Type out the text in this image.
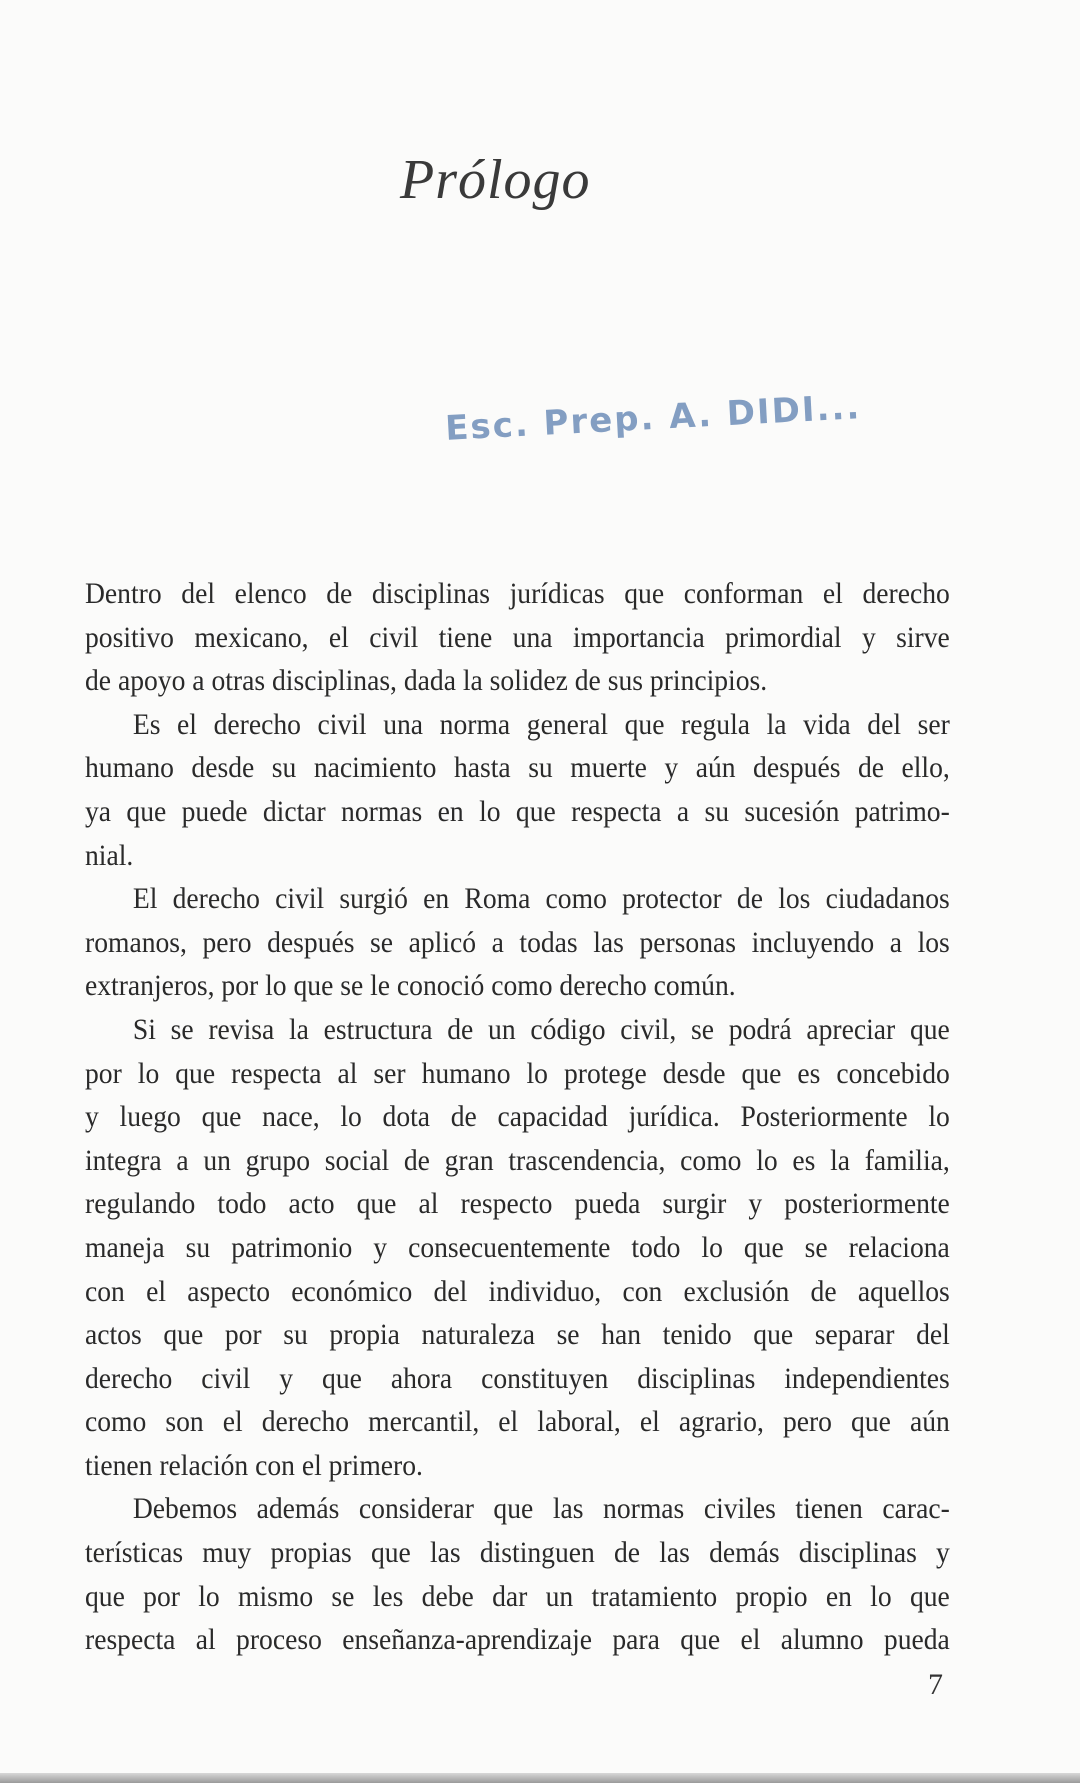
Prólogo
Esc. Prep. A. DIDI...
Dentro del elenco de disciplinas jurídicas que conforman el derecho
positivo mexicano, el civil tiene una importancia primordial y sirve
de apoyo a otras disciplinas, dada la solidez de sus principios.
Es el derecho civil una norma general que regula la vida del ser
humano desde su nacimiento hasta su muerte y aún después de ello,
ya que puede dictar normas en lo que respecta a su sucesión patrimo-
nial.
El derecho civil surgió en Roma como protector de los ciudadanos
romanos, pero después se aplicó a todas las personas incluyendo a los
extranjeros, por lo que se le conoció como derecho común.
Si se revisa la estructura de un código civil, se podrá apreciar que
por lo que respecta al ser humano lo protege desde que es concebido
y luego que nace, lo dota de capacidad jurídica. Posteriormente lo
integra a un grupo social de gran trascendencia, como lo es la familia,
regulando todo acto que al respecto pueda surgir y posteriormente
maneja su patrimonio y consecuentemente todo lo que se relaciona
con el aspecto económico del individuo, con exclusión de aquellos
actos que por su propia naturaleza se han tenido que separar del
derecho civil y que ahora constituyen disciplinas independientes
como son el derecho mercantil, el laboral, el agrario, pero que aún
tienen relación con el primero.
Debemos además considerar que las normas civiles tienen carac-
terísticas muy propias que las distinguen de las demás disciplinas y
que por lo mismo se les debe dar un tratamiento propio en lo que
respecta al proceso enseñanza-aprendizaje para que el alumno pueda
7
